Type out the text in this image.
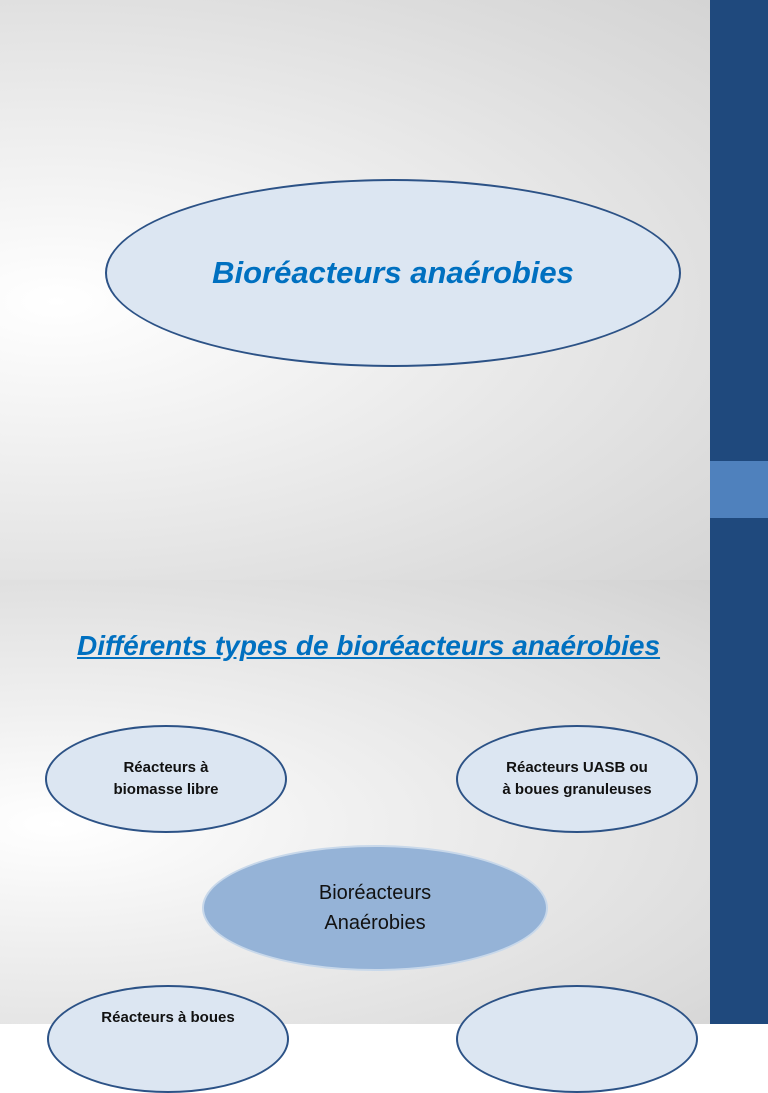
Bioréacteurs anaérobies
Différents types de bioréacteurs anaérobies
Réacteurs à biomasse libre
Réacteurs UASB ou à boues granuleuses
Bioréacteurs Anaérobies
Réacteurs à boues
